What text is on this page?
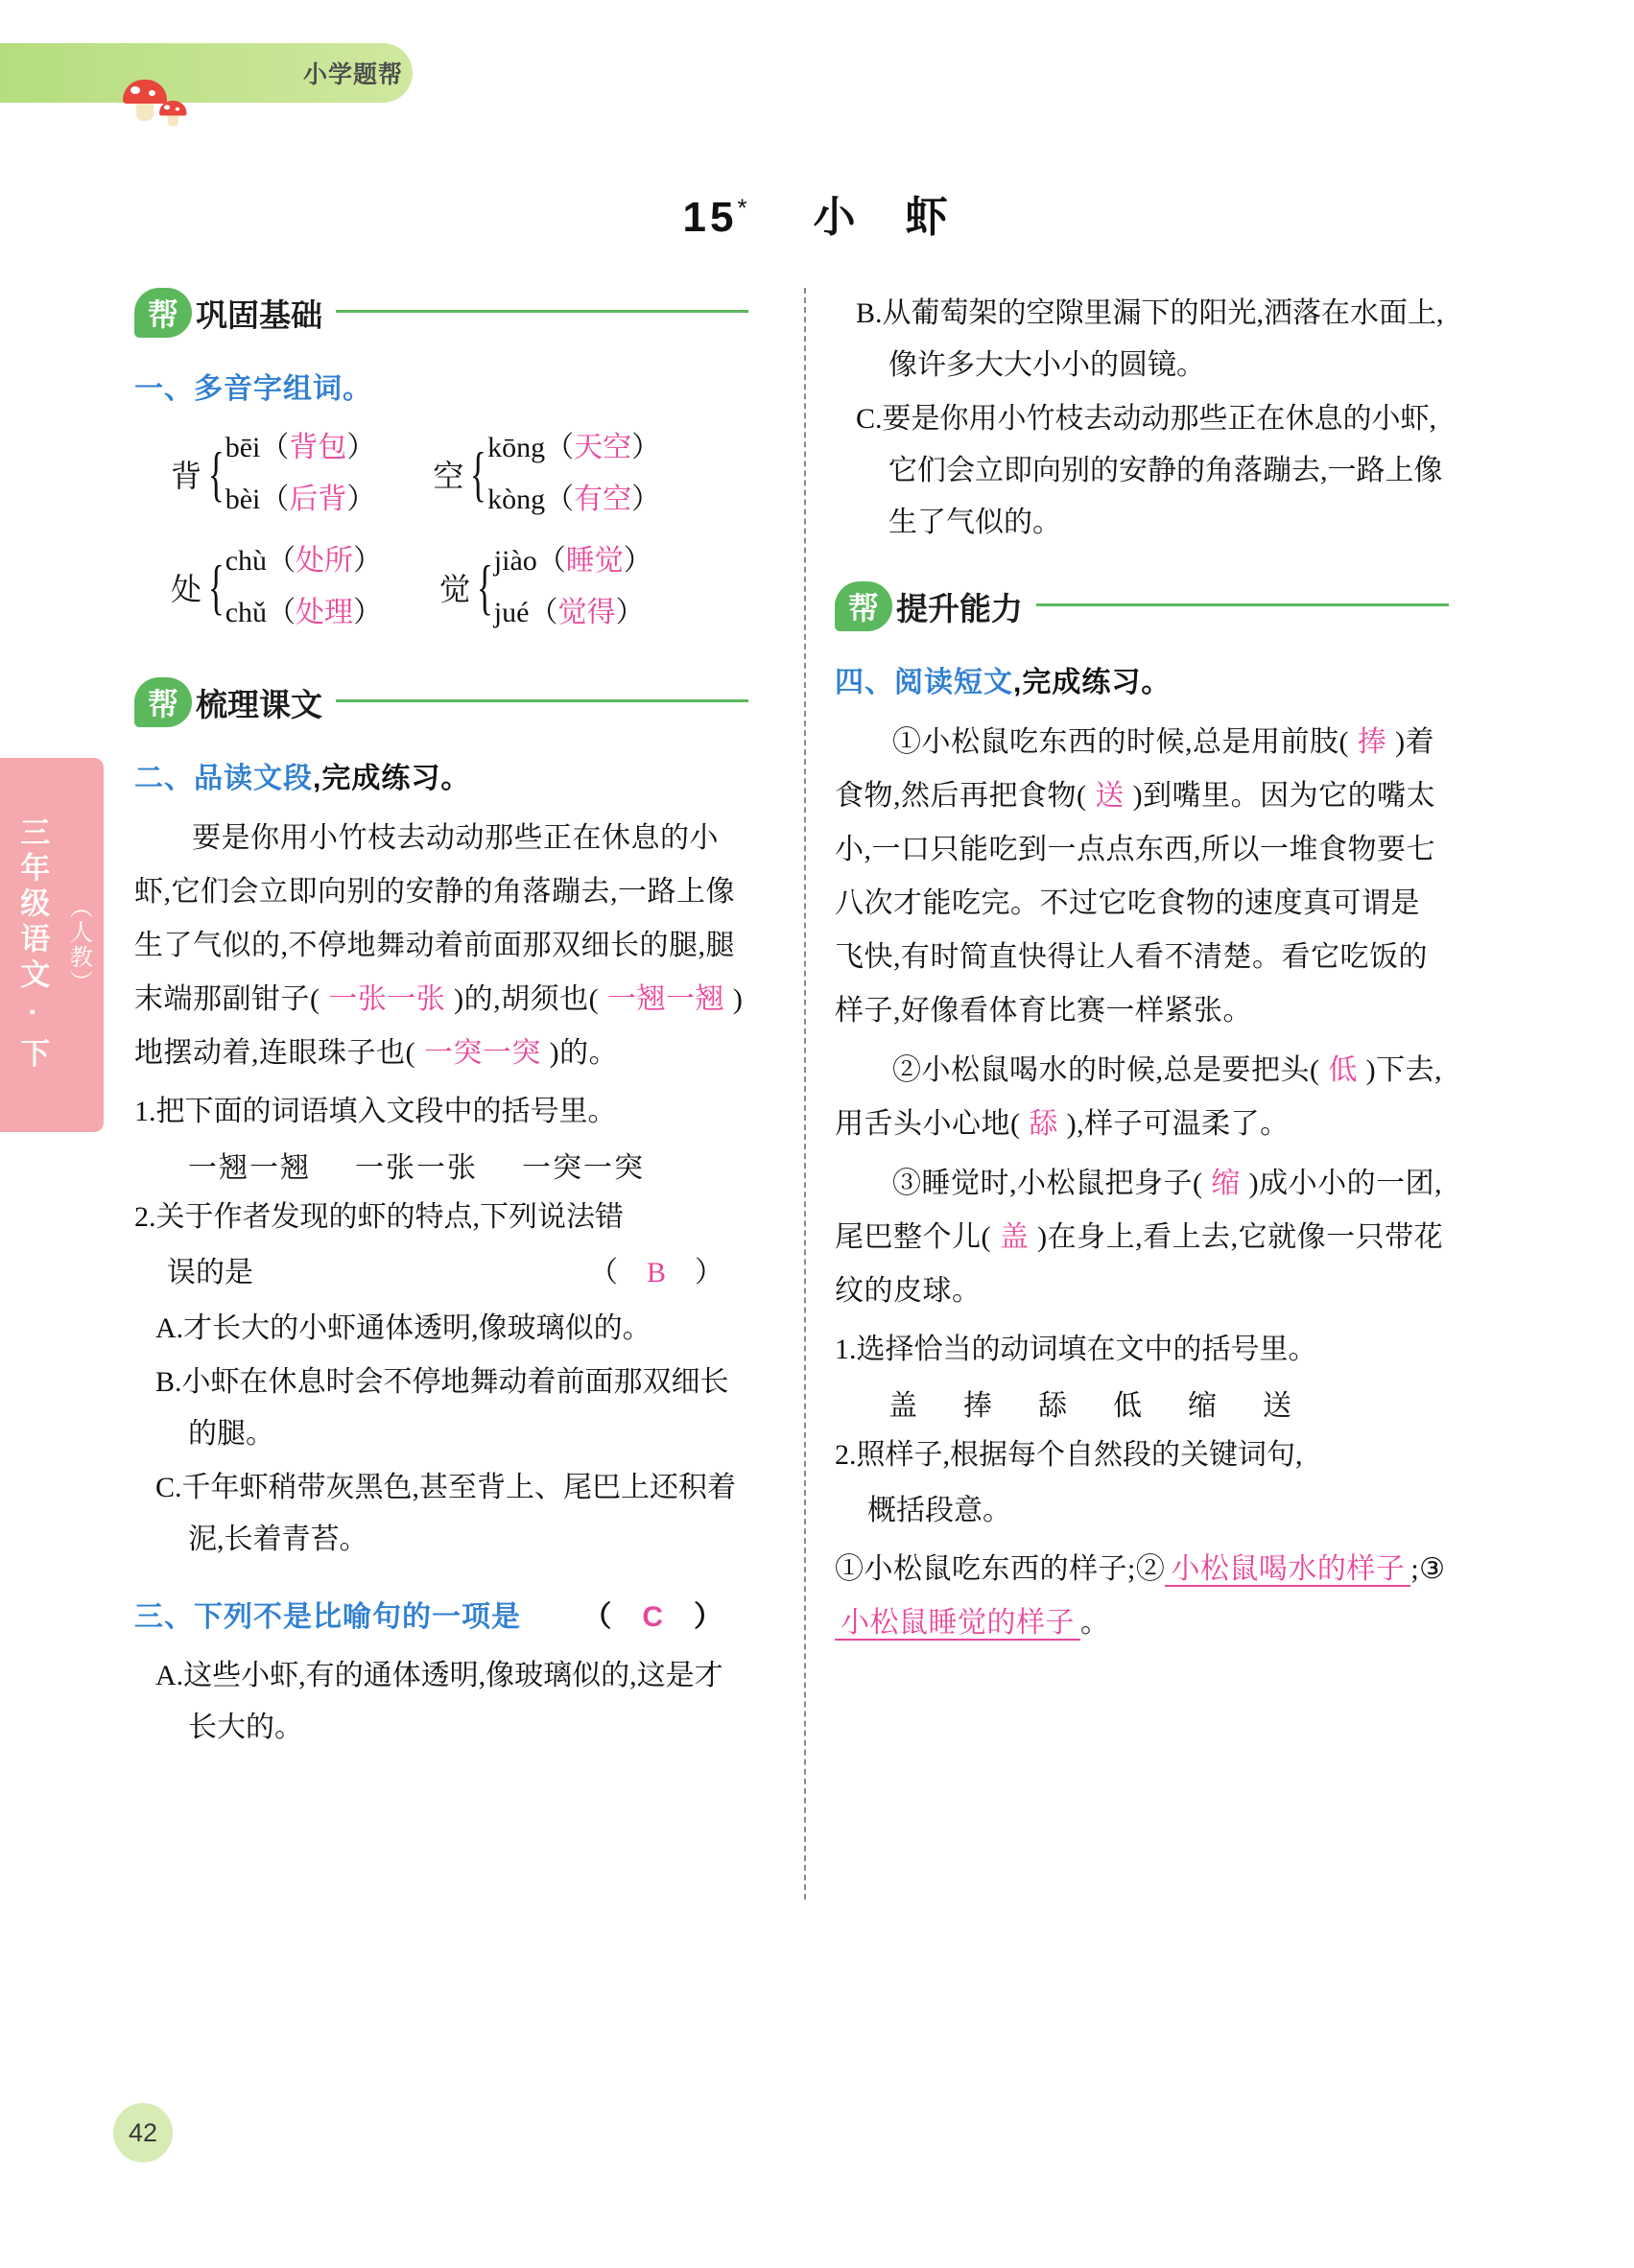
小学题帮
三年级语文 · 下 （人教）
15* 小　虾
帮 巩固基础
一、多音字组词。
背 { bēi（背包）
bèi（后背）
空 { kōng（天空）
kòng（有空）
处 { chù（处所）
chǔ（处理）
觉 { jiào（睡觉）
jué（觉得）
帮 梳理课文
二、品读文段,完成练习。
要是你用小竹枝去动动那些正在休息的小虾,它们会立即向别的安静的角落蹦去,一路上像生了气似的,不停地舞动着前面那双细长的腿,腿末端那副钳子( 一张一张 )的,胡须也( 一翘一翘 )地摆动着,连眼珠子也( 一突一突 )的。
1.把下面的词语填入文段中的括号里。
一翘一翘 一张一张 一突一突
2.关于作者发现的虾的特点,下列说法错
误的是	（　B　）
A.才长大的小虾通体透明,像玻璃似的。
B.小虾在休息时会不停地舞动着前面那双细长的腿。
C.千年虾稍带灰黑色,甚至背上、尾巴上还积着泥,长着青苔。
三、下列不是比喻句的一项是 （　C　）
A.这些小虾,有的通体透明,像玻璃似的,这是才长大的。
B.从葡萄架的空隙里漏下的阳光,洒落在水面上,像许多大大小小的圆镜。
C.要是你用小竹枝去动动那些正在休息的小虾,它们会立即向别的安静的角落蹦去,一路上像生了气似的。
帮 提升能力
四、阅读短文,完成练习。
①小松鼠吃东西的时候,总是用前肢( 捧 )着食物,然后再把食物( 送 )到嘴里。因为它的嘴太小,一口只能吃到一点点东西,所以一堆食物要七八次才能吃完。不过它吃食物的速度真可谓是飞快,有时简直快得让人看不清楚。看它吃饭的样子,好像看体育比赛一样紧张。
②小松鼠喝水的时候,总是要把头( 低 )下去,用舌头小心地( 舔 ),样子可温柔了。
③睡觉时,小松鼠把身子( 缩 )成小小的一团,尾巴整个儿( 盖 )在身上,看上去,它就像一只带花纹的皮球。
1.选择恰当的动词填在文中的括号里。
盖 捧 舔 低 缩 送
2.照样子,根据每个自然段的关键词句,
概括段意。
①小松鼠吃东西的样子;② 小松鼠喝水的样子 ;③小松鼠睡觉的样子 。
42
